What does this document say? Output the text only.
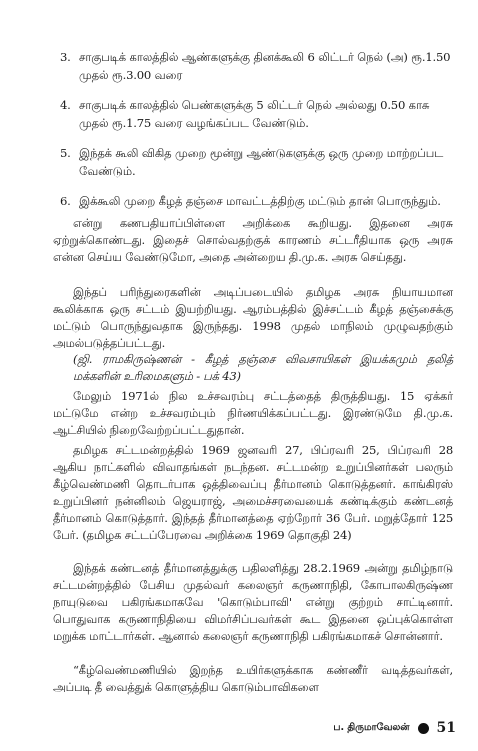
3. சாகுபடிக் காலத்தில் ஆண்களுக்கு தினக்கூலி 6 லிட்டர் நெல் (அ) ரூ.1.50 முதல் ரூ.3.00 வரை
4. சாகுபடிக் காலத்தில் பெண்களுக்கு 5 லிட்டர் நெல் அல்லது 0.50 காசு முதல் ரூ.1.75 வரை வழங்கப்பட வேண்டும்.
5. இந்தக் கூலி விகித முறை மூன்று ஆண்டுகளுக்கு ஒரு முறை மாற்றப்பட வேண்டும்.
6. இக்கூலி முறை கீழத் தஞ்சை மாவட்டத்திற்கு மட்டும் தான் பொருந்தும்.

என்று கணபதியாப்பிள்ளை அறிக்கை கூறியது. இதனை அரசு ஏற்றுக்கொண்டது. இதைச் சொல்வதற்குக் காரணம் சட்டரீதியாக ஒரு அரசு என்ன செய்ய வேண்டுமோ, அதை அன்றைய தி.மு.க. அரசு செய்தது.

இந்தப் பரிந்துரைகளின் அடிப்படையில் தமிழக அரசு நியாயமான கூலிக்காக ஒரு சட்டம் இயற்றியது. ஆரம்பத்தில் இச்சட்டம் கீழத் தஞ்சைக்கு மட்டும் பொருந்துவதாக இருந்தது. 1998 முதல் மாநிலம் முழுவதற்கும் அமல்படுத்தப்பட்டது.

(ஜி. ராமகிருஷ்ணன் - கீழத் தஞ்சை விவசாயிகள் இயக்கமும் தலித் மக்களின் உரிமைகளும் - பக் 43)

மேலும் 1971ல் நில உச்சவரம்பு சட்டத்தைத் திருத்தியது. 15 ஏக்கர் மட்டுமே என்ற உச்சவரம்பும் நிர்ணயிக்கப்பட்டது. இரண்டுமே தி.மு.க. ஆட்சியில் நிறைவேற்றப்பட்டதுதான்.

தமிழக சட்டமன்றத்தில் 1969 ஜனவரி 27, பிப்ரவரி 25, பிப்ரவரி 28 ஆகிய நாட்களில் விவாதங்கள் நடந்தன. சட்டமன்ற உறுப்பினர்கள் பலரும் கீழ்வெண்மணி தொடர்பாக ஒத்திவைப்பு தீர்மானம் கொடுத்தனர். காங்கிரஸ் உறுப்பினர் நன்னிலம் ஜெயராஜ், அமைச்சரவையைக் கண்டிக்கும் கண்டனத் தீர்மானம் கொடுத்தார். இந்தத் தீர்மானத்தை ஏற்றோர் 36 பேர். மறுத்தோர் 125 பேர். (தமிழக சட்டப்பேரவை அறிக்கை 1969 தொகுதி 24)

இந்தக் கண்டனத் தீர்மானத்துக்கு பதிலளித்து 28.2.1969 அன்று தமிழ்நாடு சட்டமன்றத்தில் பேசிய முதல்வர் கலைஞர் கருணாநிதி, கோபாலகிருஷ்ண நாயுடுவை பகிரங்கமாகவே 'கொடும்பாவி' என்று குற்றம் சாட்டினார். பொதுவாக கருணாநிதியை விமர்சிப்பவர்கள் கூட இதனை ஒப்புக்கொள்ள மறுக்க மாட்டார்கள். ஆனால் கலைஞர் கருணாநிதி பகிரங்கமாகச் சொன்னார்.

“கீழ்வெண்மணியில் இறந்த உயிர்களுக்காக கண்ணீர் வடித்தவர்கள், அப்படி தீ வைத்துக் கொளுத்திய கொடும்பாவிகளை

ப. திருமாவேலன் 51
